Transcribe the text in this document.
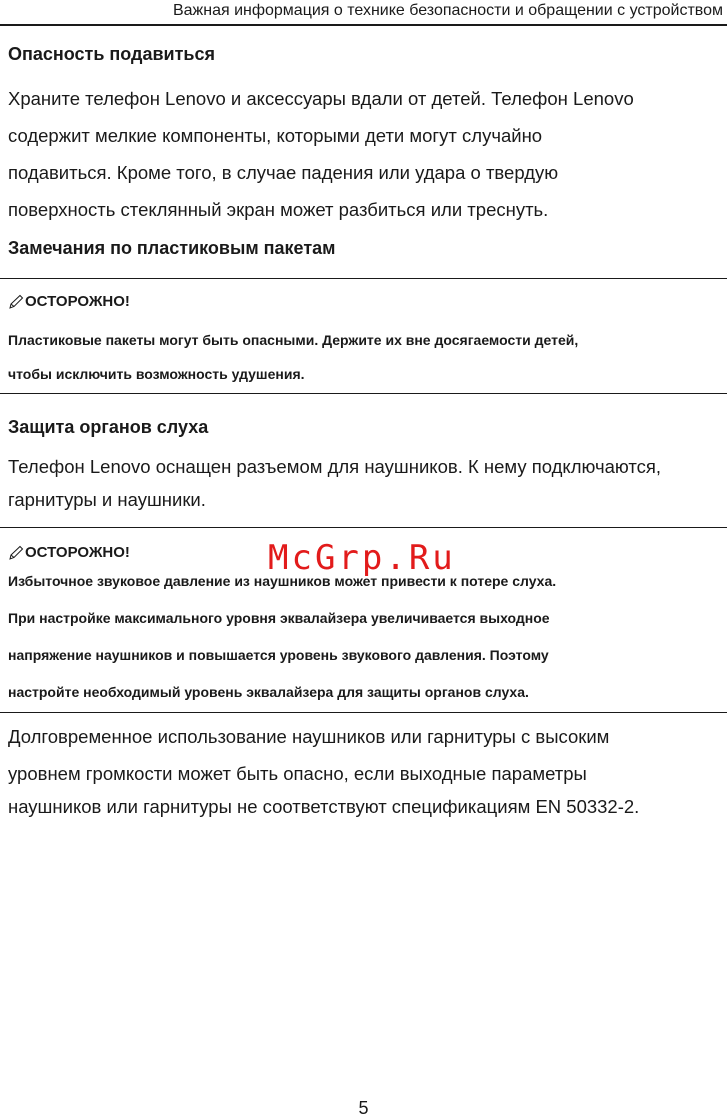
Важная информация о технике безопасности и обращении с устройством
Опасность подавиться
Храните телефон Lenovo и аксессуары вдали от детей. Телефон Lenovo
содержит мелкие компоненты, которыми дети могут случайно
подавиться. Кроме того, в случае падения или удара о твердую
поверхность стеклянный экран может разбиться или треснуть.
Замечания по пластиковым пакетам
ОСТОРОЖНО!
Пластиковые пакеты могут быть опасными. Держите их вне досягаемости детей,
чтобы исключить возможность удушения.
Защита органов слуха
Телефон Lenovo оснащен разъемом для наушников. К нему подключаются,
гарнитуры и наушники.
ОСТОРОЖНО!
Избыточное звуковое давление из наушников может привести к потере слуха.
При настройке максимального уровня эквалайзера увеличивается выходное
напряжение наушников и повышается уровень звукового давления. Поэтому
настройте необходимый уровень эквалайзера для защиты органов слуха.
Долговременное использование наушников или гарнитуры с высоким
уровнем громкости может быть опасно, если выходные параметры
наушников или гарнитуры не соответствуют спецификациям EN 50332-2.
McGrp.Ru
5
